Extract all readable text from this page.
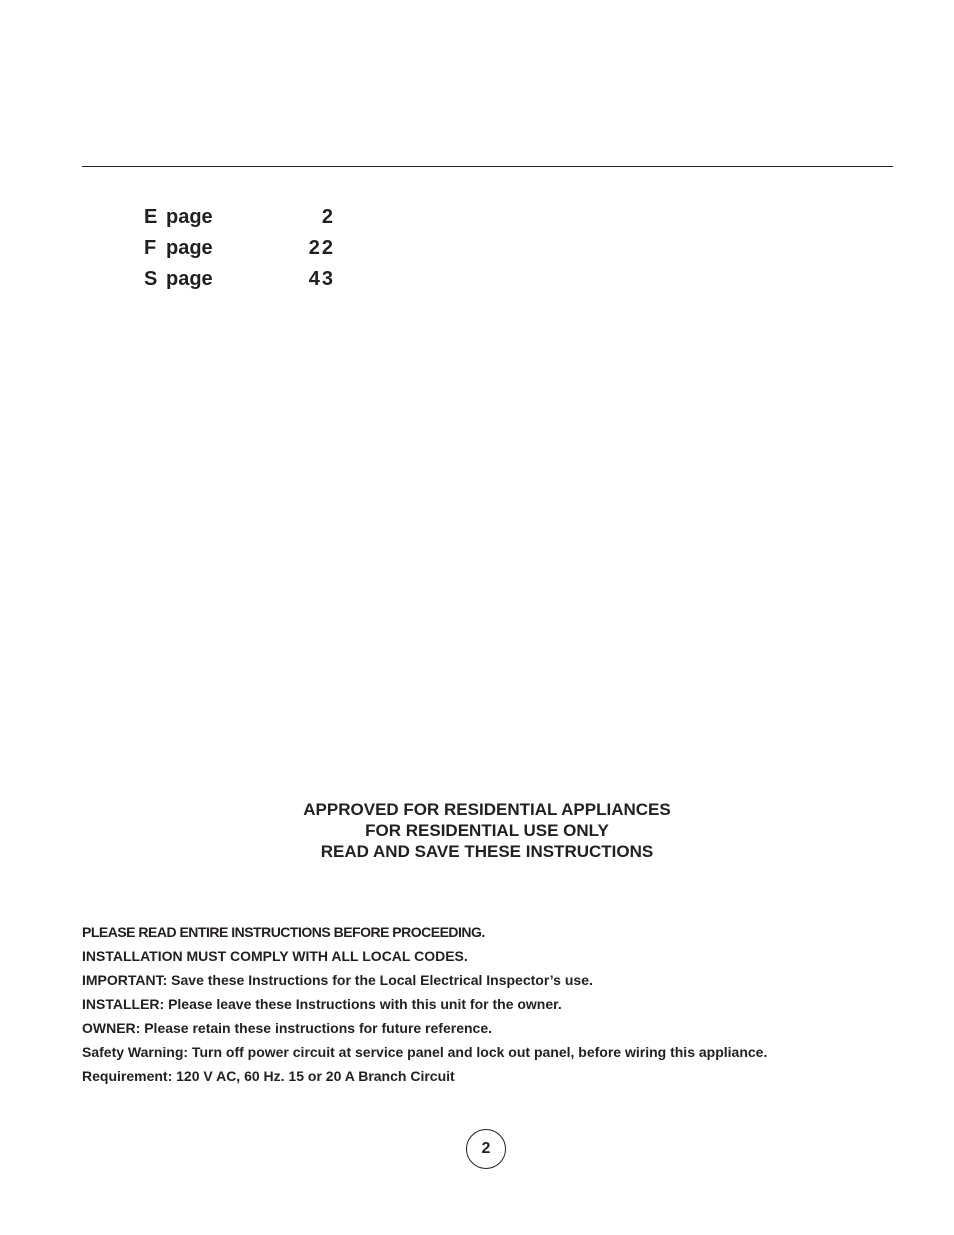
E page	2
F page	22
S page	43
APPROVED FOR RESIDENTIAL APPLIANCES
FOR RESIDENTIAL USE ONLY
READ AND SAVE THESE INSTRUCTIONS
PLEASE READ ENTIRE INSTRUCTIONS BEFORE PROCEEDING.
INSTALLATION MUST COMPLY WITH ALL LOCAL CODES.
IMPORTANT: Save these Instructions for the Local Electrical Inspector’s use.
INSTALLER: Please leave these Instructions with this unit for the owner.
OWNER: Please retain these instructions for future reference.
Safety Warning: Turn off power circuit at service panel and lock out panel, before wiring this appliance.
Requirement: 120 V AC, 60 Hz. 15 or 20 A Branch Circuit
2
